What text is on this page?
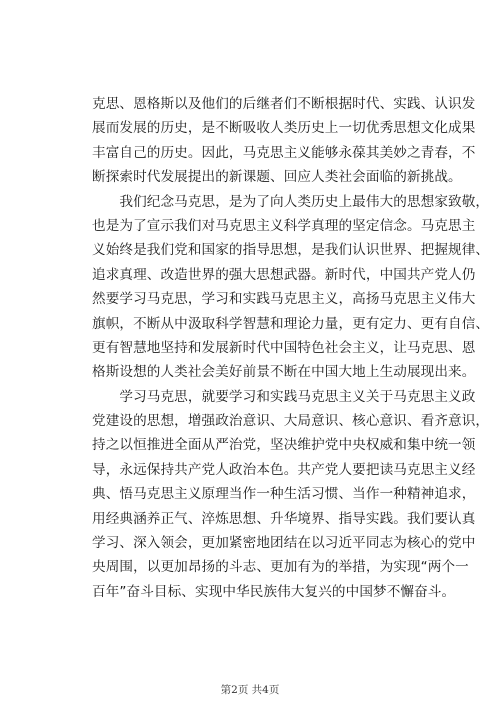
克思、恩格斯以及他们的后继者们不断根据时代、实践、认识发
展而发展的历史，是不断吸收人类历史上一切优秀思想文化成果
丰富自己的历史。因此，马克思主义能够永葆其美妙之青春，不
断探索时代发展提出的新课题、回应人类社会面临的新挑战。
　　我们纪念马克思，是为了向人类历史上最伟大的思想家致敬，
也是为了宣示我们对马克思主义科学真理的坚定信念。马克思主
义始终是我们党和国家的指导思想，是我们认识世界、把握规律、
追求真理、改造世界的强大思想武器。新时代，中国共产党人仍
然要学习马克思，学习和实践马克思主义，高扬马克思主义伟大
旗帜，不断从中汲取科学智慧和理论力量，更有定力、更有自信、
更有智慧地坚持和发展新时代中国特色社会主义，让马克思、恩
格斯设想的人类社会美好前景不断在中国大地上生动展现出来。
　　学习马克思，就要学习和实践马克思主义关于马克思主义政
党建设的思想，增强政治意识、大局意识、核心意识、看齐意识，
持之以恒推进全面从严治党，坚决维护党中央权威和集中统一领
导，永远保持共产党人政治本色。共产党人要把读马克思主义经
典、悟马克思主义原理当作一种生活习惯、当作一种精神追求，
用经典涵养正气、淬炼思想、升华境界、指导实践。我们要认真
学习、深入领会，更加紧密地团结在以习近平同志为核心的党中
央周围，以更加昂扬的斗志、更加有为的举措，为实现“两个一
百年”奋斗目标、实现中华民族伟大复兴的中国梦不懈奋斗。
第2页 共4页
